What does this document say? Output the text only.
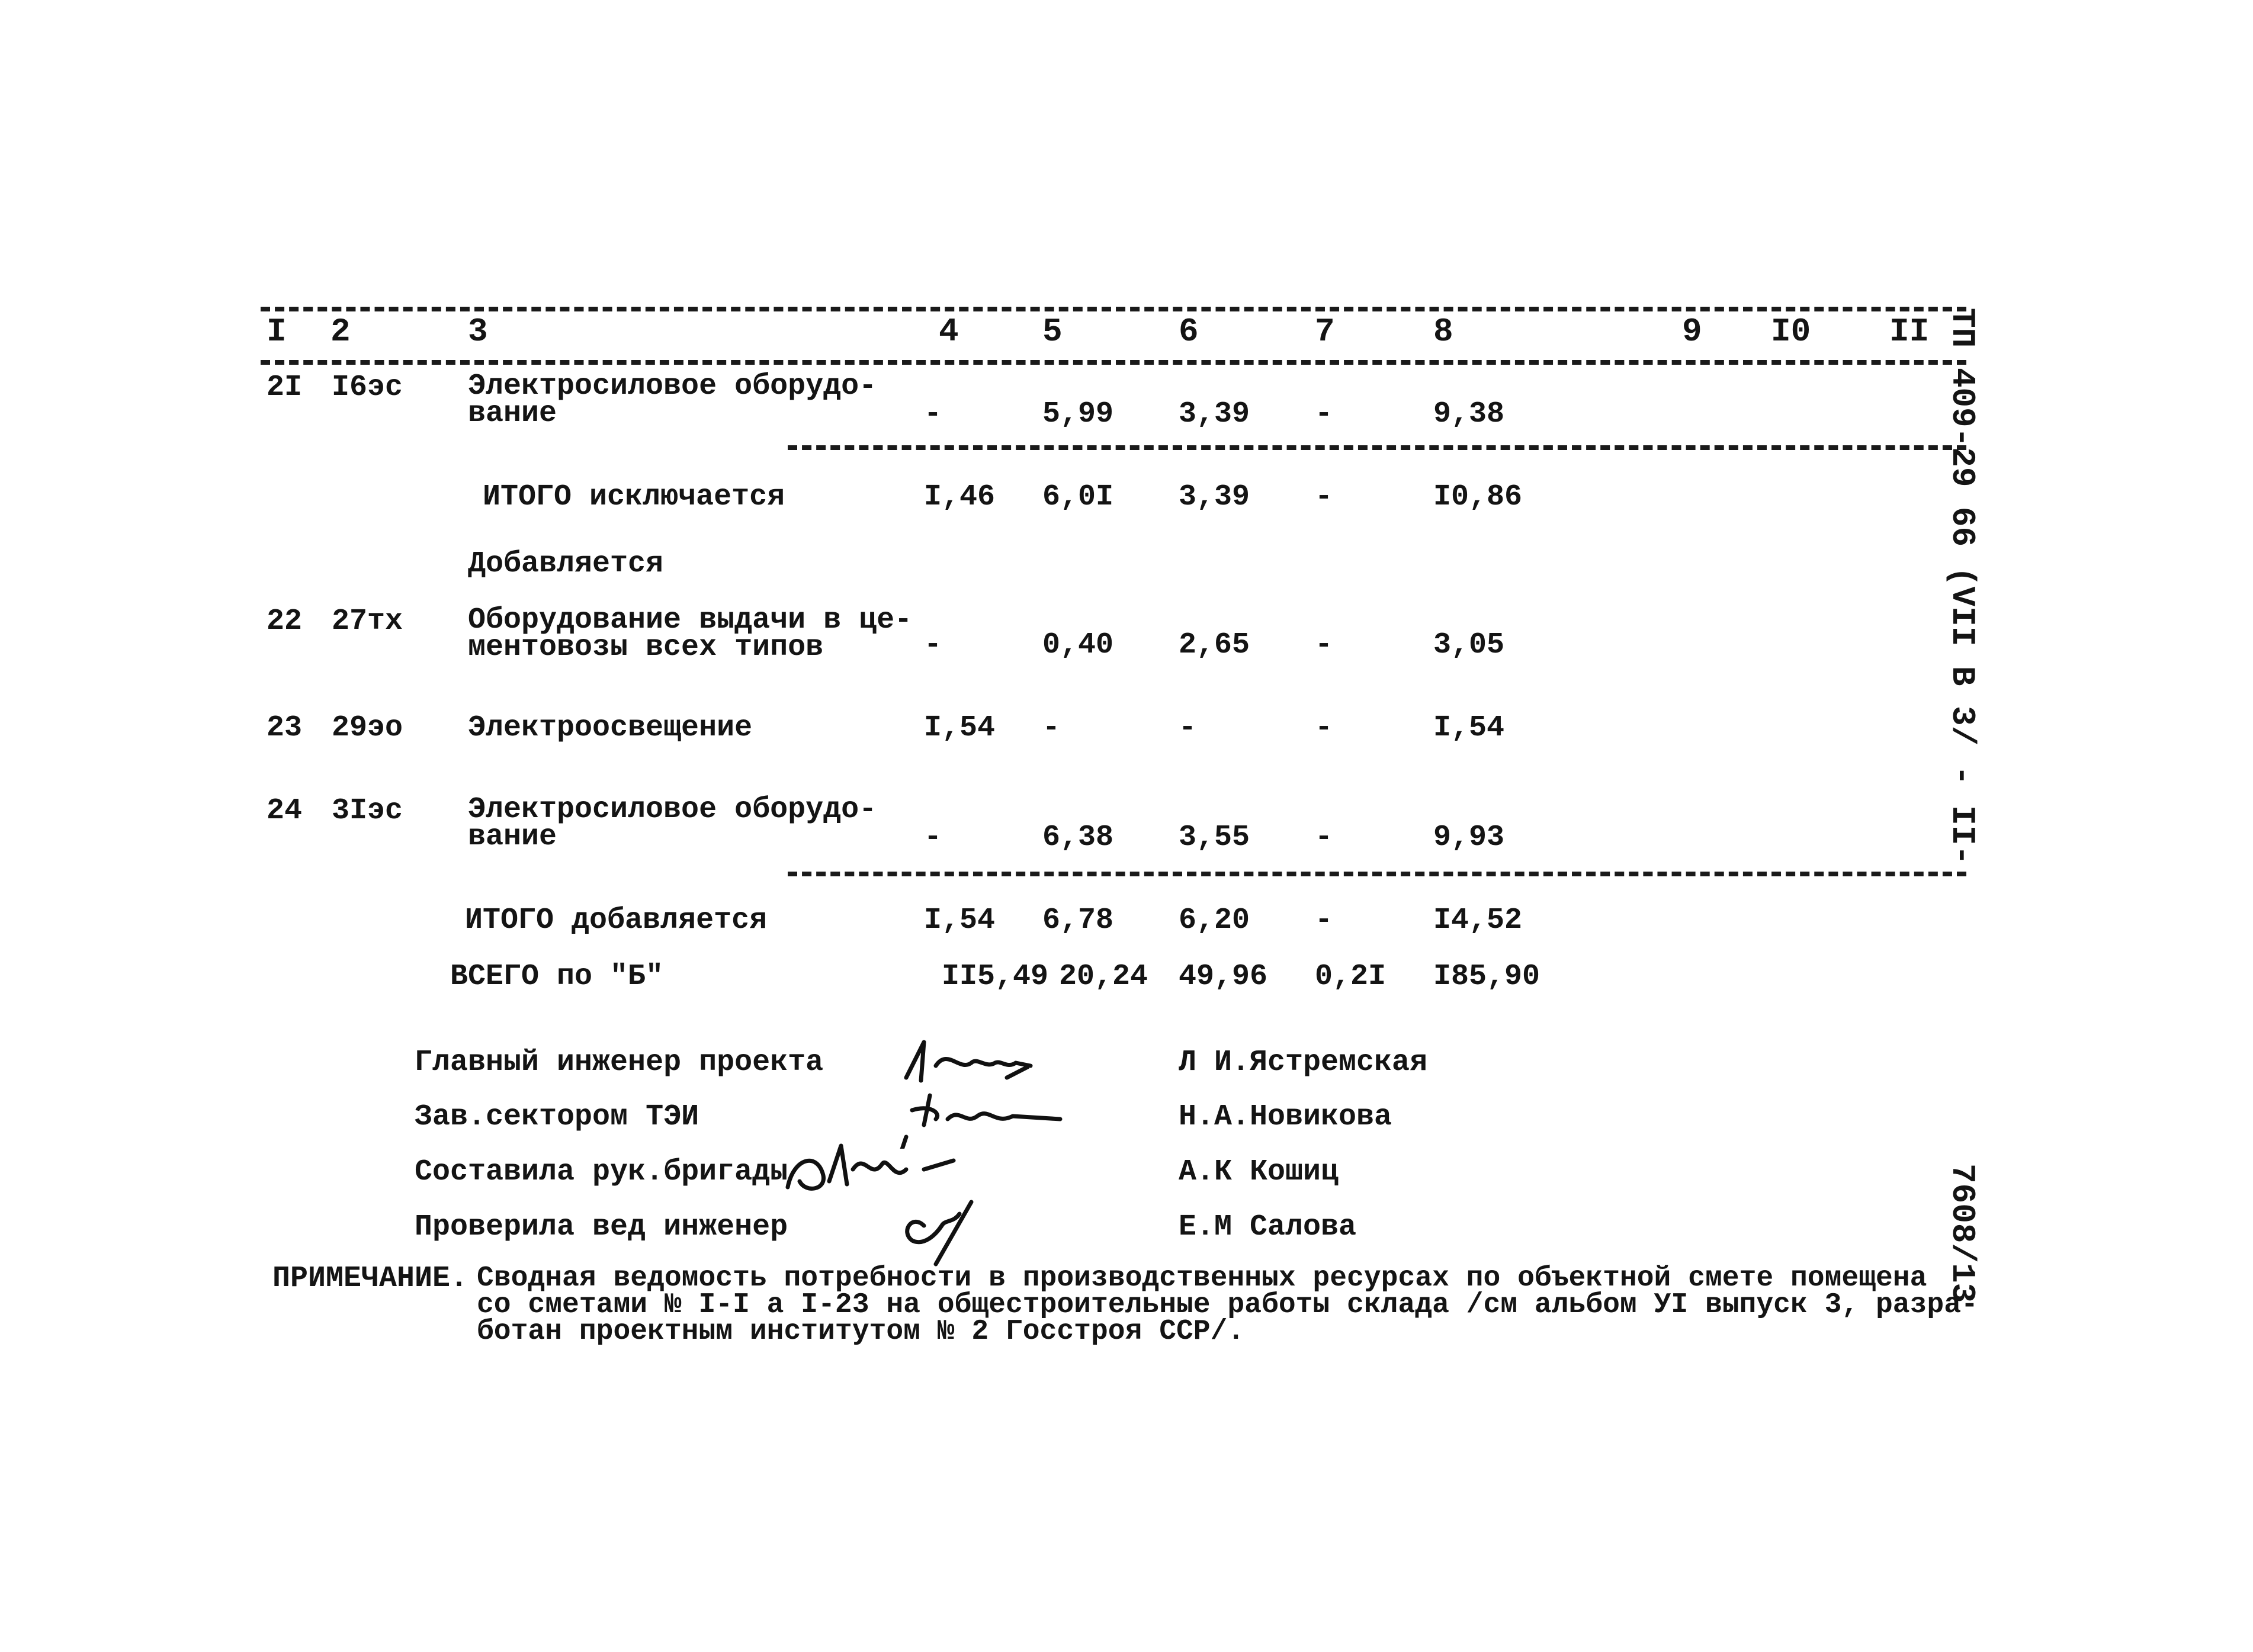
I 2	3	4	5	6	7	8	9 I0 II
2I I6эс Электросиловое оборудо-
вание	-	5,99 3,39 -	9,38
ИТОГО исключается	I,46 6,0I 3,39 -	I0,86
Добавляется
22 27тх Оборудование выдачи в це-
ментовозы всех типов	-	0,40 2,65 -	3,05
23 29эо Электроосвещение	I,54 -	-	-	I,54
24 3Iэс Электросиловое оборудо-
вание	-	6,38 3,55 -	9,93
ИТОГО добавляется	I,54 6,78 6,20 -	I4,52
ВСЕГО по "Б"	II5,49 20,24 49,96 0,2I I85,90
Главный инженер проекта	Л И.Ястремская
Зав.сектором ТЭИ	Н.А.Новикова
Составила рук.бригады	А.К Кошиц
Проверила вед инженер	Е.М Салова
ПРИМЕЧАНИЕ. Сводная ведомость потребности в производственных ресурсах по объектной смете помещена
со сметами № I-I а I-23 на общестроительные работы склада /см альбом УI выпуск 3, разра-
ботан проектным институтом № 2 Госстроя ССР/.
ТП 409-29 66 (VII В 3/ - II-
7608/13
